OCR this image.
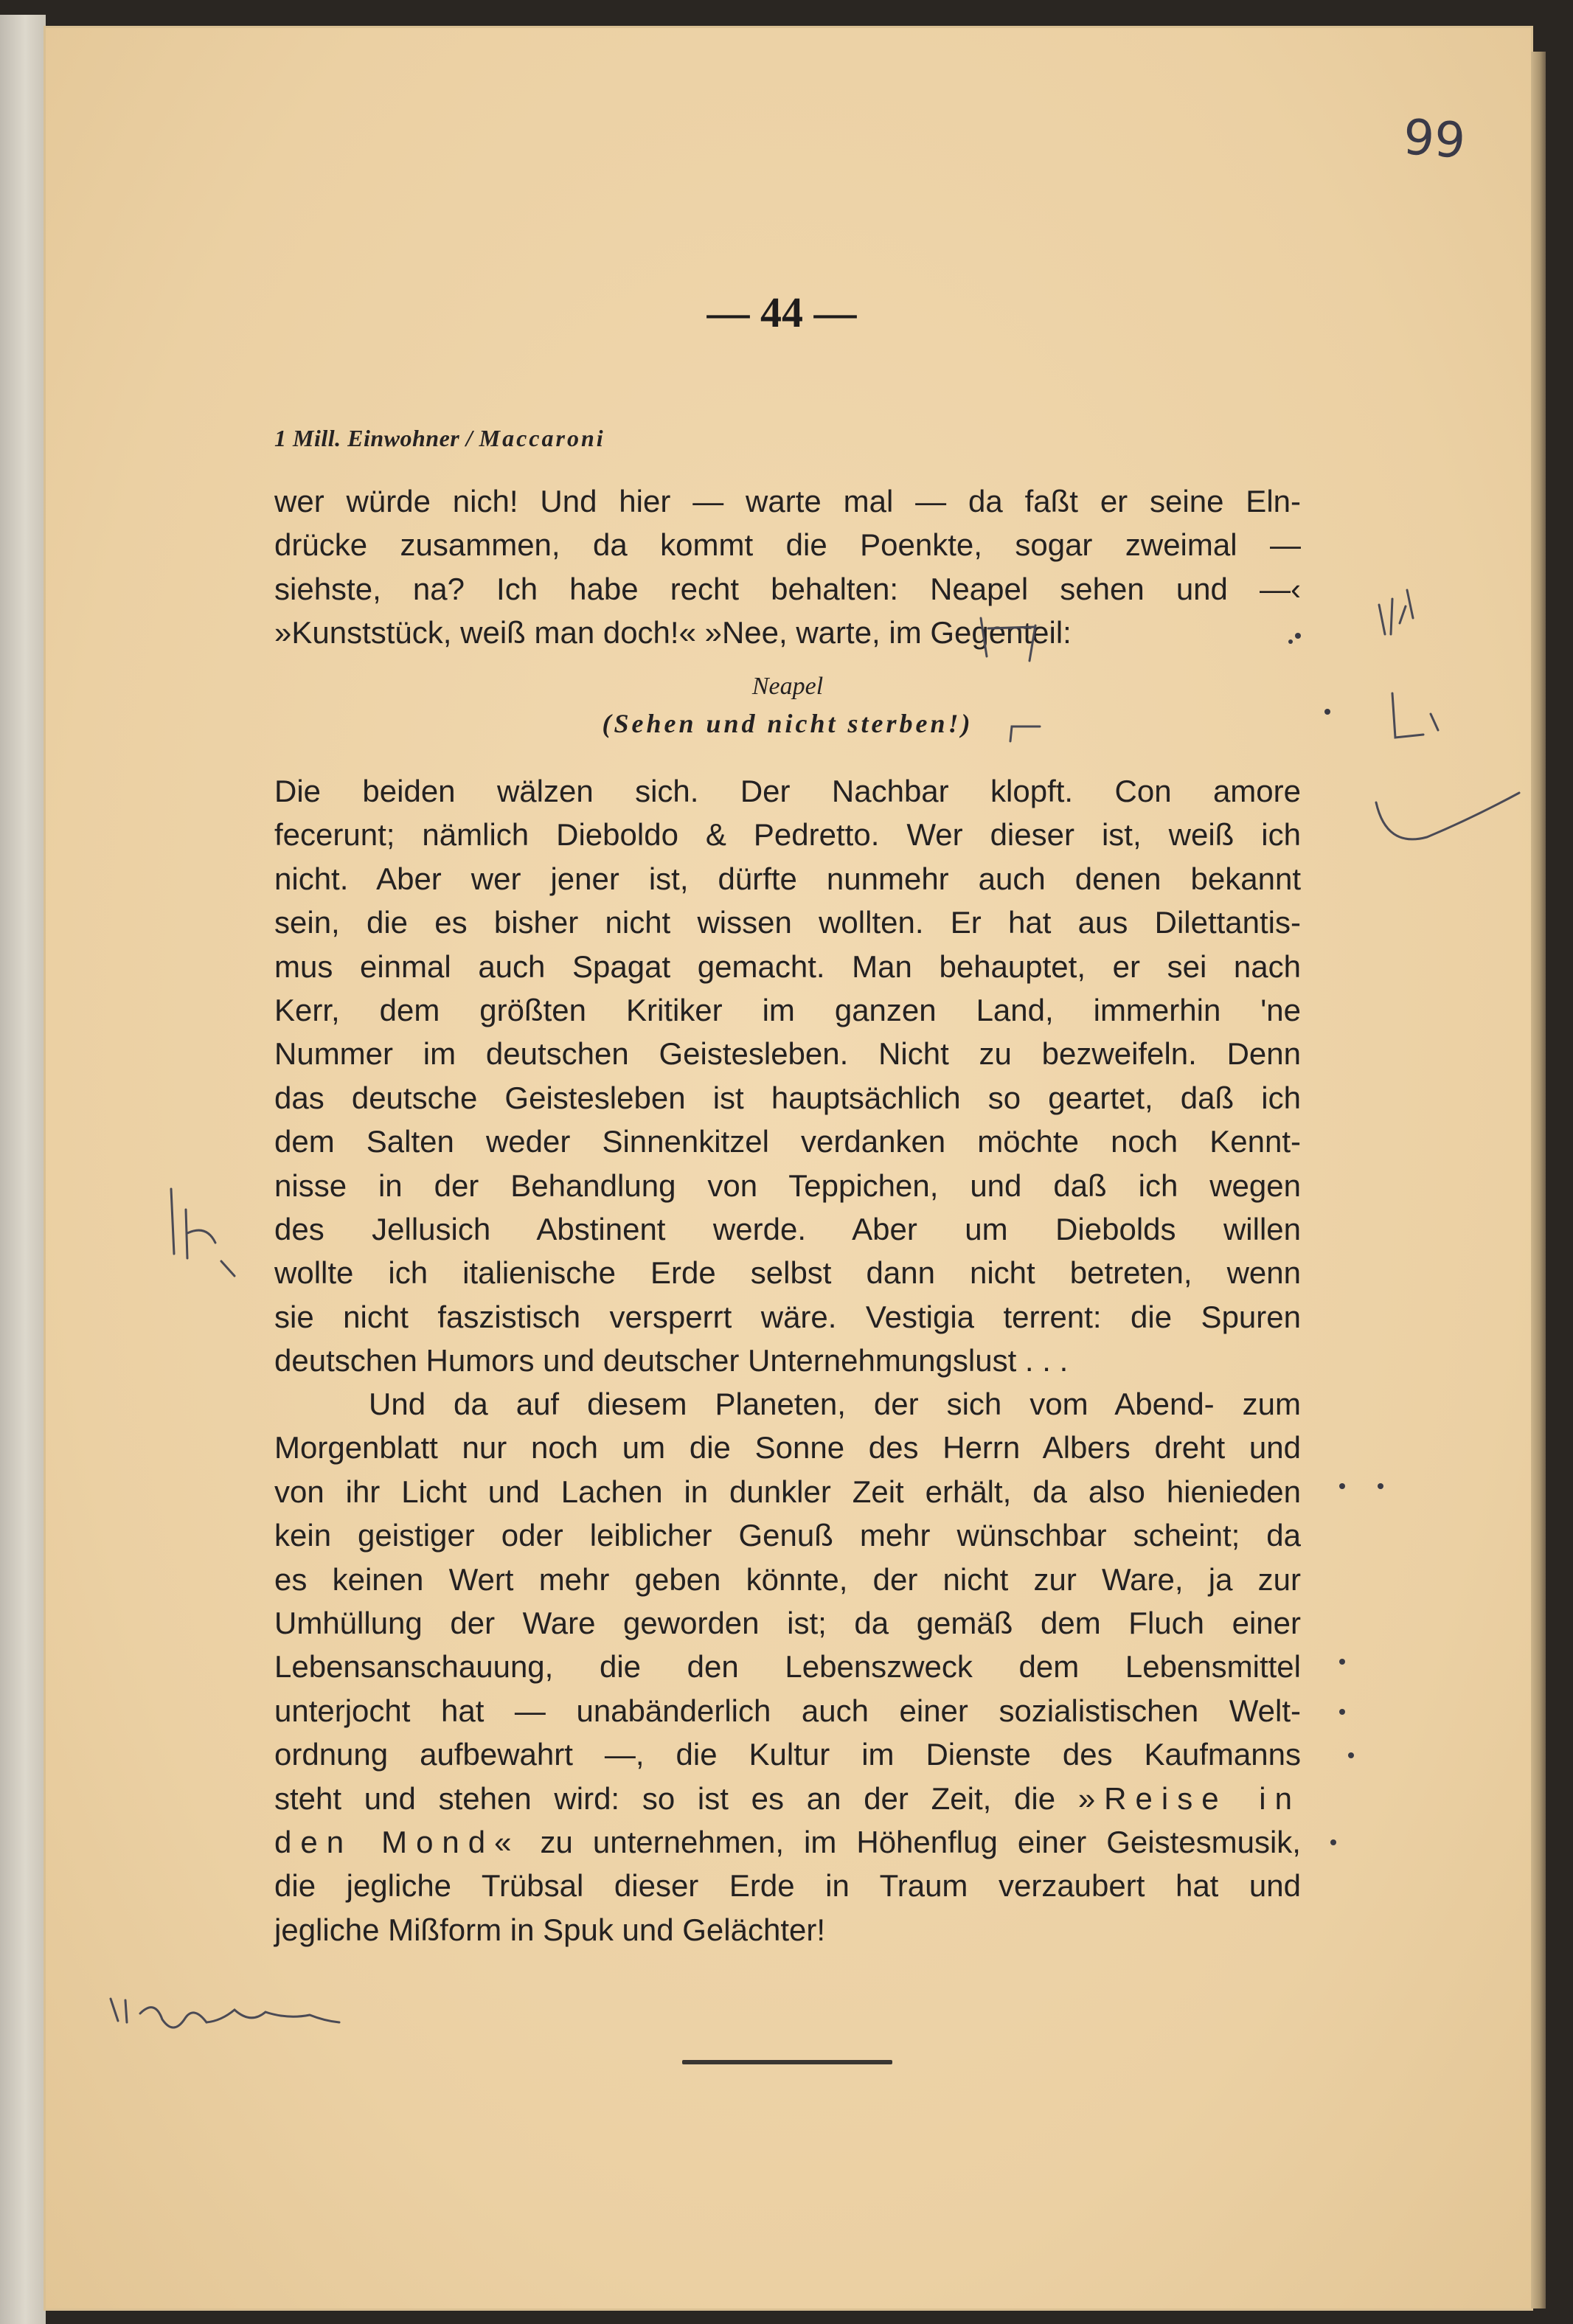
99
— 44 —
1 Mill. Einwohner / Maccaroni
wer würde nich! Und hier — warte mal — da faßt er seine Eln-
drücke zusammen, da kommt die Poenkte, sogar zweimal —
siehste, na? Ich habe recht behalten: Neapel sehen und —‹
»Kunststück, weiß man doch!« »Nee, warte, im Gegenteil:
Neapel
(Sehen und nicht sterben!)
Die beiden wälzen sich. Der Nachbar klopft. Con amore
fecerunt; nämlich Dieboldo & Pedretto. Wer dieser ist, weiß ich
nicht. Aber wer jener ist, dürfte nunmehr auch denen bekannt
sein, die es bisher nicht wissen wollten. Er hat aus Dilettantis-
mus einmal auch Spagat gemacht. Man behauptet, er sei nach
Kerr, dem größten Kritiker im ganzen Land, immerhin 'ne
Nummer im deutschen Geistesleben. Nicht zu bezweifeln. Denn
das deutsche Geistesleben ist hauptsächlich so geartet, daß ich
dem Salten weder Sinnenkitzel verdanken möchte noch Kennt-
nisse in der Behandlung von Teppichen, und daß ich wegen
des Jellusich Abstinent werde. Aber um Diebolds willen
wollte ich italienische Erde selbst dann nicht betreten, wenn
sie nicht faszistisch versperrt wäre. Vestigia terrent: die Spuren
deutschen Humors und deutscher Unternehmungslust . . .
Und da auf diesem Planeten, der sich vom Abend- zum
Morgenblatt nur noch um die Sonne des Herrn Albers dreht und
von ihr Licht und Lachen in dunkler Zeit erhält, da also hienieden
kein geistiger oder leiblicher Genuß mehr wünschbar scheint; da
es keinen Wert mehr geben könnte, der nicht zur Ware, ja zur
Umhüllung der Ware geworden ist; da gemäß dem Fluch einer
Lebensanschauung, die den Lebenszweck dem Lebensmittel
unterjocht hat — unabänderlich auch einer sozialistischen Welt-
ordnung aufbewahrt —, die Kultur im Dienste des Kaufmanns
steht und stehen wird: so ist es an der Zeit, die »Reise in
den Mond« zu unternehmen, im Höhenflug einer Geistesmusik,
die jegliche Trübsal dieser Erde in Traum verzaubert hat und
jegliche Mißform in Spuk und Gelächter!
